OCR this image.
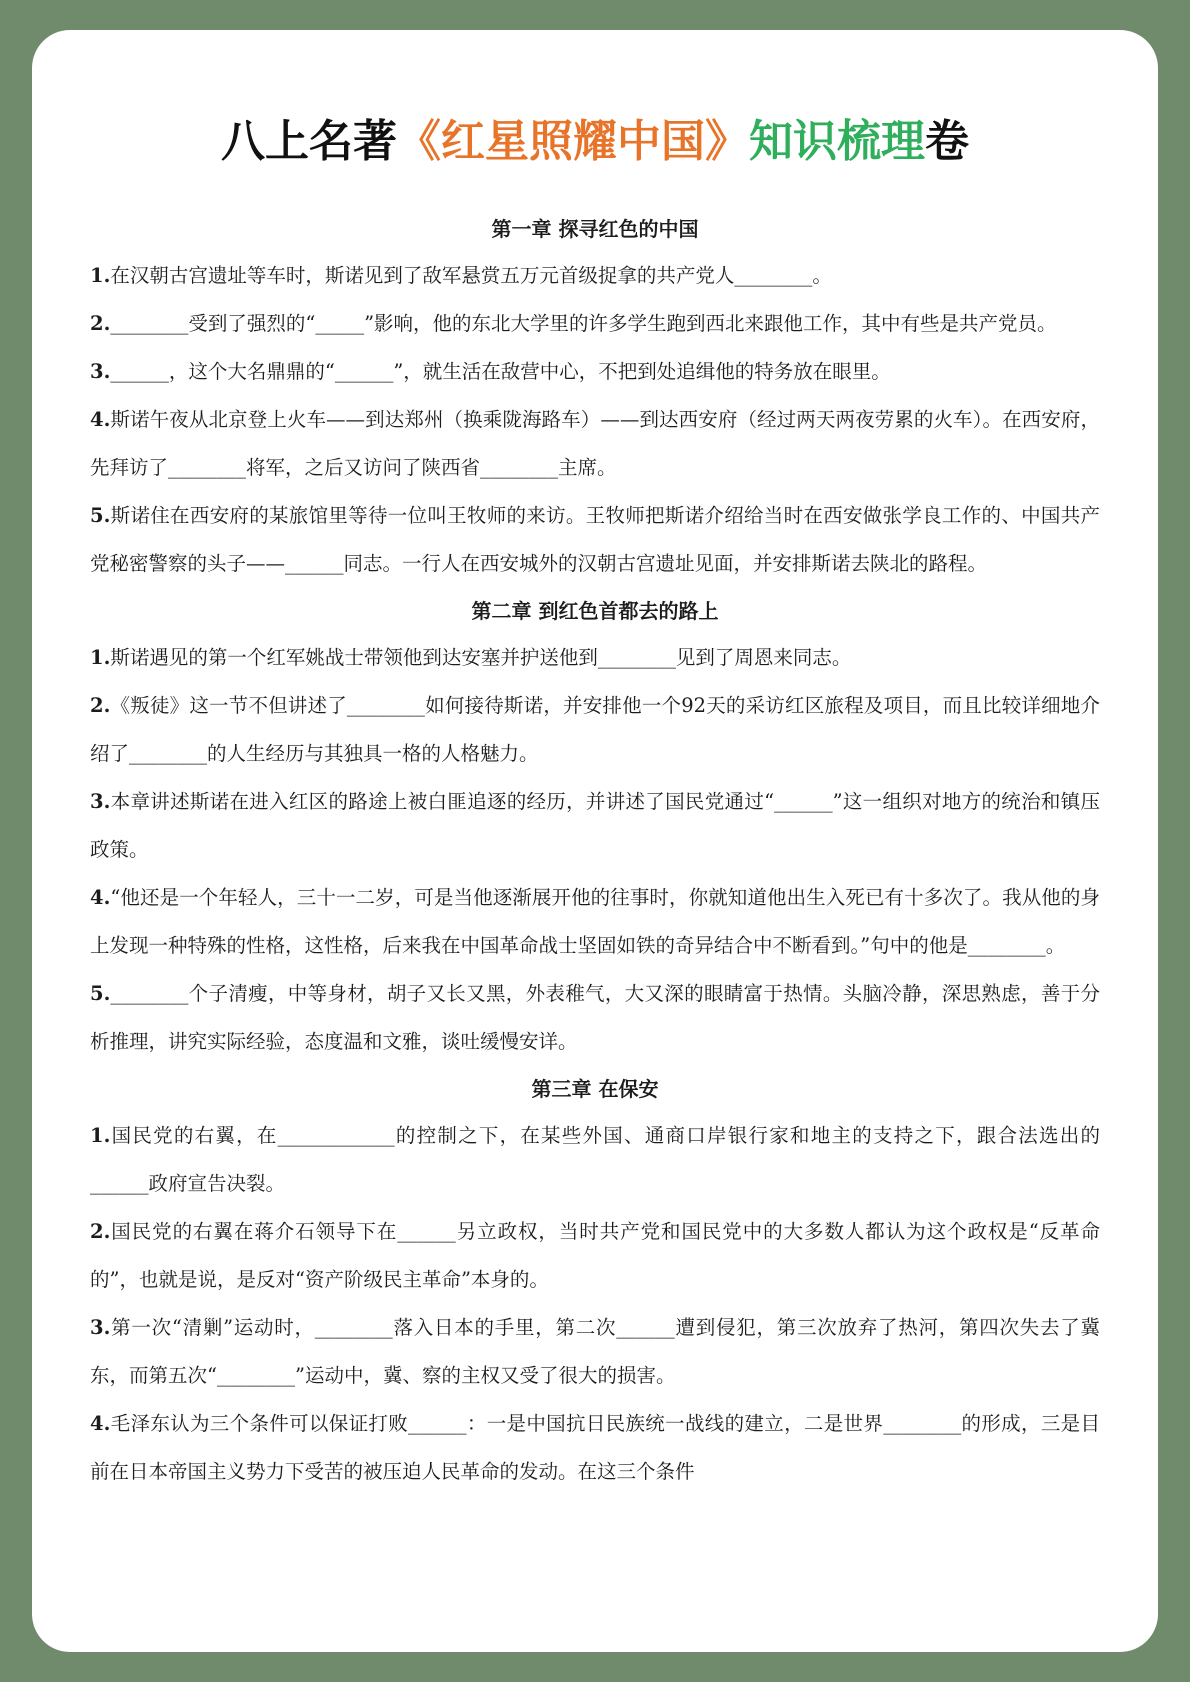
八上名著《红星照耀中国》知识梳理卷
第一章 探寻红色的中国

1.在汉朝古宫遗址等车时，斯诺见到了敌军悬赏五万元首级捉拿的共产党人________。

2.________受到了强烈的“_____”影响，他的东北大学里的许多学生跑到西北来跟他工作，其中有些是共产党员。

3.______，这个大名鼎鼎的“______”，就生活在敌营中心，不把到处追缉他的特务放在眼里。

4.斯诺午夜从北京登上火车——到达郑州（换乘陇海路车）——到达西安府（经过两天两夜劳累的火车）。在西安府，先拜访了________将军，之后又访问了陕西省________主席。

5.斯诺住在西安府的某旅馆里等待一位叫王牧师的来访。王牧师把斯诺介绍给当时在西安做张学良工作的、中国共产党秘密警察的头子——______同志。一行人在西安城外的汉朝古宫遗址见面，并安排斯诺去陕北的路程。

第二章 到红色首都去的路上

1.斯诺遇见的第一个红军姚战士带领他到达安塞并护送他到________见到了周恩来同志。

2.《叛徒》这一节不但讲述了________如何接待斯诺，并安排他一个92天的采访红区旅程及项目，而且比较详细地介绍了________的人生经历与其独具一格的人格魅力。

3.本章讲述斯诺在进入红区的路途上被白匪追逐的经历，并讲述了国民党通过“______”这一组织对地方的统治和镇压政策。

4.“他还是一个年轻人，三十一二岁，可是当他逐渐展开他的往事时，你就知道他出生入死已有十多次了。我从他的身上发现一种特殊的性格，这性格，后来我在中国革命战士坚固如铁的奇异结合中不断看到。”句中的他是________。

5.________个子清瘦，中等身材，胡子又长又黑，外表稚气，大又深的眼睛富于热情。头脑冷静，深思熟虑，善于分析推理，讲究实际经验，态度温和文雅，谈吐缓慢安详。

第三章 在保安

1.国民党的右翼，在____________的控制之下，在某些外国、通商口岸银行家和地主的支持之下，跟合法选出的______政府宣告决裂。

2.国民党的右翼在蒋介石领导下在______另立政权，当时共产党和国民党中的大多数人都认为这个政权是“反革命的”，也就是说，是反对“资产阶级民主革命”本身的。

3.第一次“清剿”运动时，________落入日本的手里，第二次______遭到侵犯，第三次放弃了热河，第四次失去了冀东，而第五次“________”运动中，冀、察的主权又受了很大的损害。

4.毛泽东认为三个条件可以保证打败______：一是中国抗日民族统一战线的建立，二是世界________的形成，三是目前在日本帝国主义势力下受苦的被压迫人民革命的发动。在这三个条件
